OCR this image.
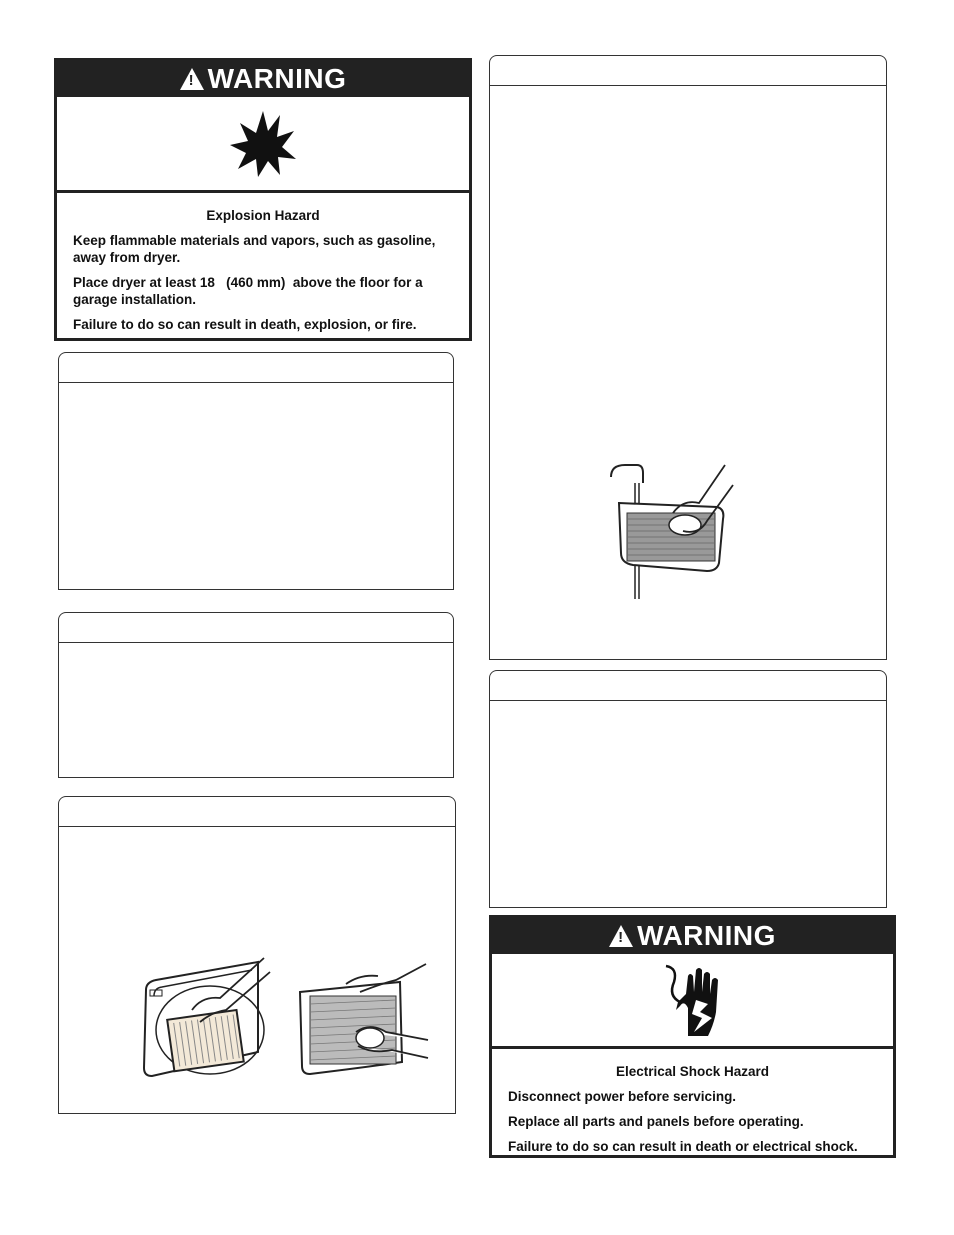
!
WARNING
Explosion Hazard

Keep flammable materials and vapors, such as gasoline, away from dryer.

Place dryer at least 18   (460 mm)  above the floor for a garage installation.

Failure to do so can result in death, explosion, or fire.

!
WARNING
Electrical Shock Hazard

Disconnect power before servicing.

Replace all parts and panels before operating.

Failure to do so can result in death or electrical shock.
